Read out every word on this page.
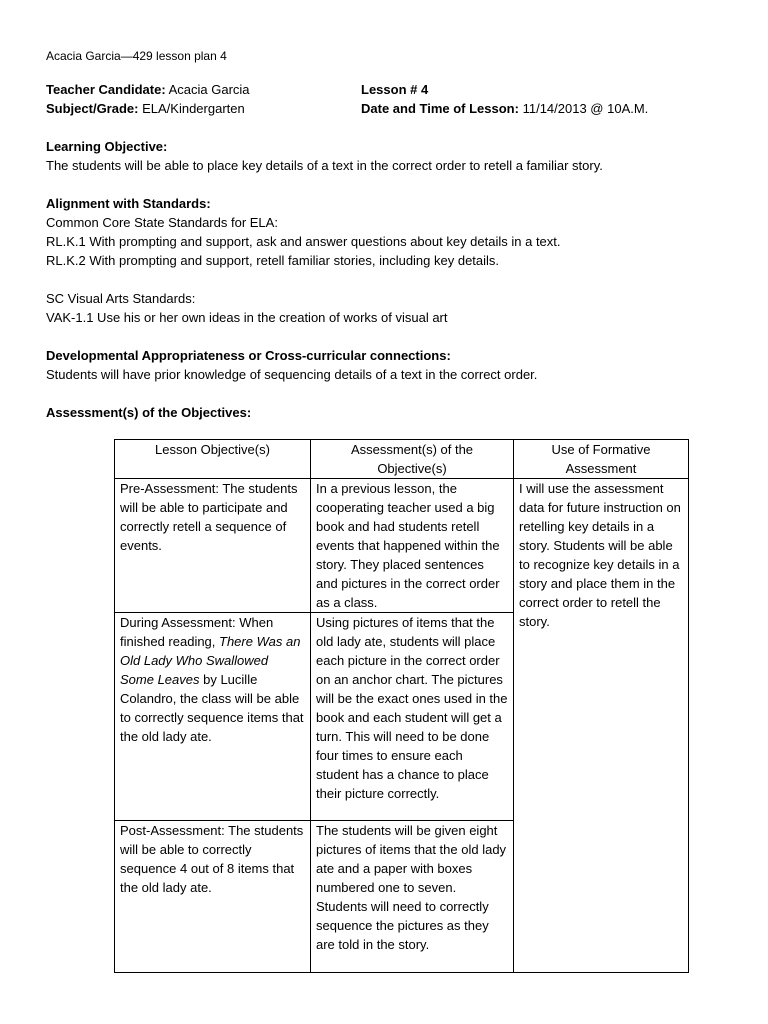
Acacia Garcia—429 lesson plan 4
Teacher Candidate: Acacia Garcia	Lesson # 4
Subject/Grade: ELA/Kindergarten	Date and Time of Lesson: 11/14/2013 @ 10A.M.
Learning Objective:
The students will be able to place key details of a text in the correct order to retell a familiar story.
Alignment with Standards:
Common Core State Standards for ELA:
RL.K.1 With prompting and support, ask and answer questions about key details in a text.
RL.K.2 With prompting and support, retell familiar stories, including key details.
SC Visual Arts Standards:
VAK-1.1 Use his or her own ideas in the creation of works of visual art
Developmental Appropriateness or Cross-curricular connections:
Students will have prior knowledge of sequencing details of a text in the correct order.
Assessment(s) of the Objectives:
Lesson Objective(s)	Assessment(s) of the Objective(s)	Use of Formative Assessment
Pre-Assessment: The students will be able to participate and correctly retell a sequence of events.	In a previous lesson, the cooperating teacher used a big book and had students retell events that happened within the story. They placed sentences and pictures in the correct order as a class.	I will use the assessment data for future instruction on retelling key details in a story. Students will be able to recognize key details in a story and place them in the correct order to retell the story.
During Assessment: When finished reading, There Was an Old Lady Who Swallowed Some Leaves by Lucille Colandro, the class will be able to correctly sequence items that the old lady ate.	Using pictures of items that the old lady ate, students will place each picture in the correct order on an anchor chart. The pictures will be the exact ones used in the book and each student will get a turn. This will need to be done four times to ensure each student has a chance to place their picture correctly.	
Post-Assessment: The students will be able to correctly sequence 4 out of 8 items that the old lady ate.	The students will be given eight pictures of items that the old lady ate and a paper with boxes numbered one to seven. Students will need to correctly sequence the pictures as they are told in the story.	
